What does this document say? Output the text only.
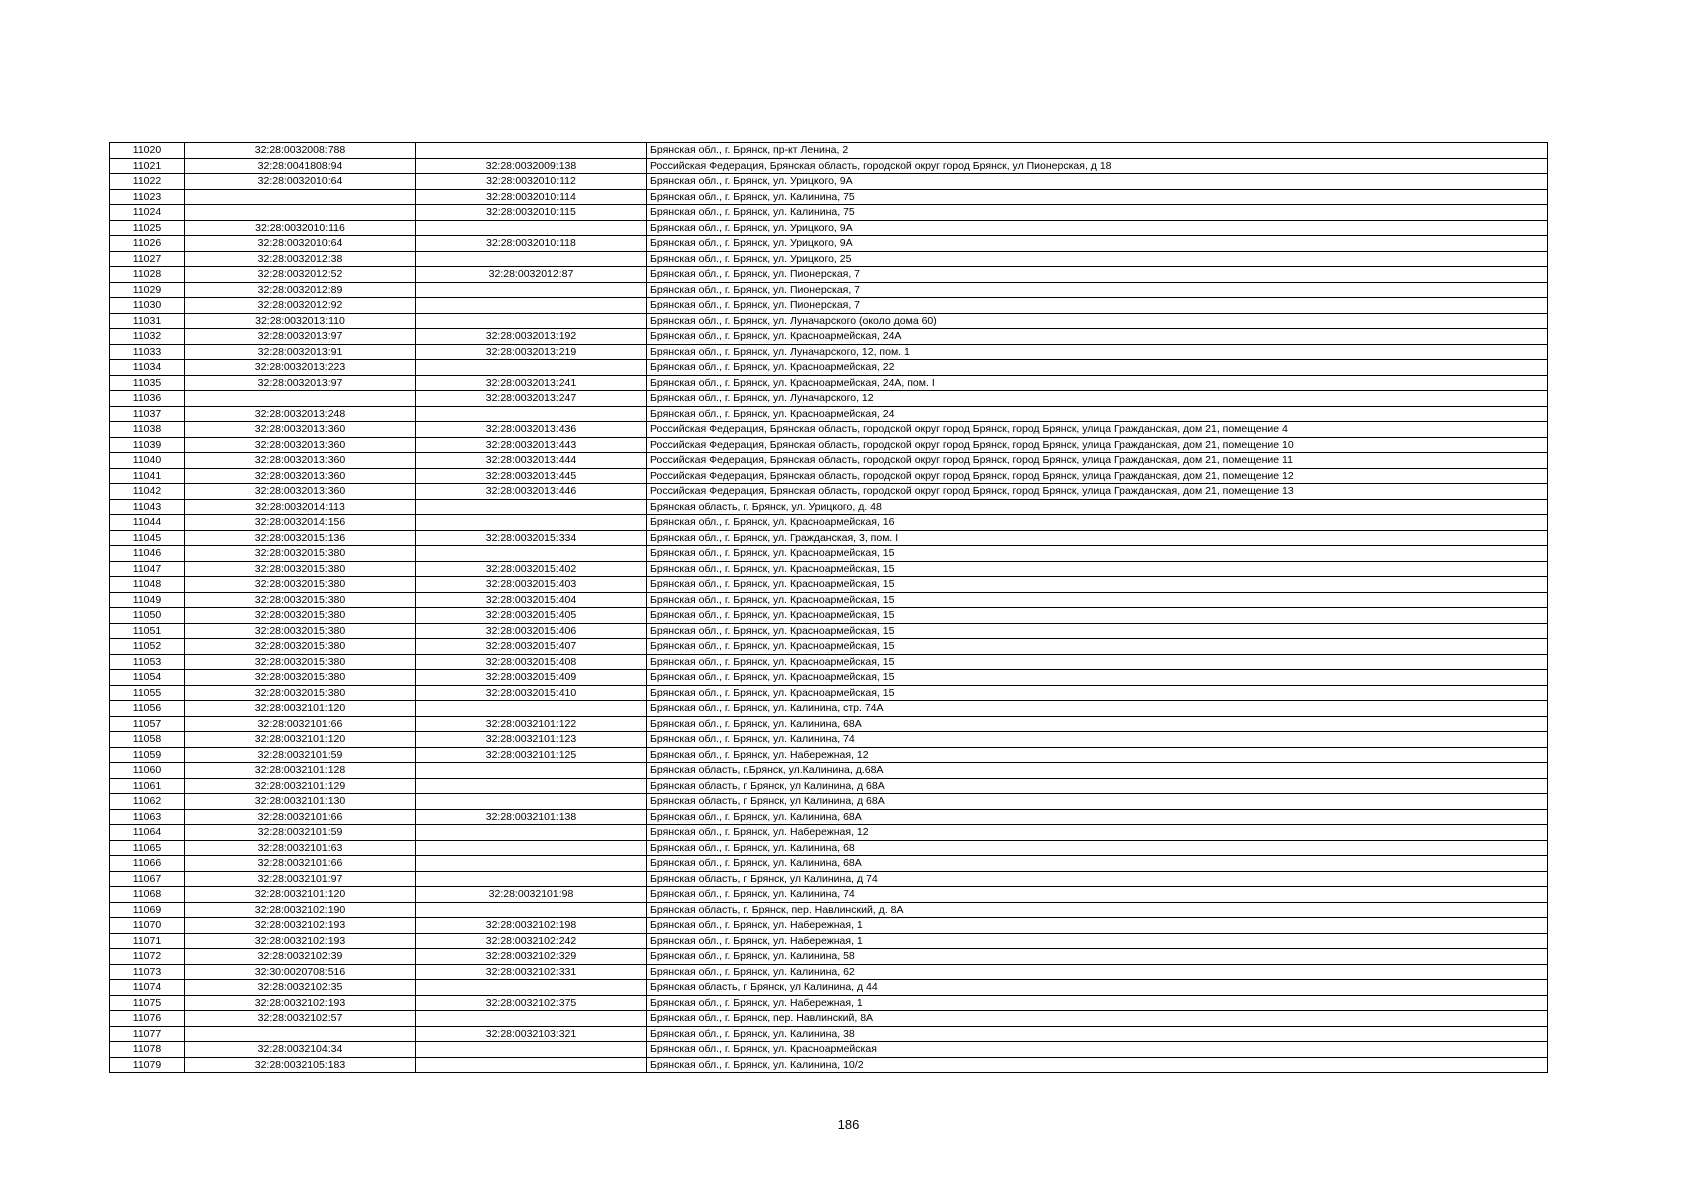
11020	32:28:0032008:788		Брянская обл., г. Брянск, пр-кт Ленина, 2
11021	32:28:0041808:94	32:28:0032009:138	Российская Федерация, Брянская область, городской округ город Брянск, ул Пионерская, д 18
11022	32:28:0032010:64	32:28:0032010:112	Брянская обл., г. Брянск, ул. Урицкого, 9А
11023		32:28:0032010:114	Брянская обл., г. Брянск, ул. Калинина, 75
11024		32:28:0032010:115	Брянская обл., г. Брянск, ул. Калинина, 75
11025	32:28:0032010:116		Брянская обл., г. Брянск, ул. Урицкого, 9А
11026	32:28:0032010:64	32:28:0032010:118	Брянская обл., г. Брянск, ул. Урицкого, 9А
11027	32:28:0032012:38		Брянская обл., г. Брянск, ул. Урицкого, 25
11028	32:28:0032012:52	32:28:0032012:87	Брянская обл., г. Брянск, ул. Пионерская, 7
11029	32:28:0032012:89		Брянская обл., г. Брянск, ул. Пионерская, 7
11030	32:28:0032012:92		Брянская обл., г. Брянск, ул. Пионерская, 7
11031	32:28:0032013:110		Брянская обл., г. Брянск, ул. Луначарского (около дома 60)
11032	32:28:0032013:97	32:28:0032013:192	Брянская обл., г. Брянск, ул. Красноармейская, 24А
11033	32:28:0032013:91	32:28:0032013:219	Брянская обл., г. Брянск, ул. Луначарского, 12, пом. 1
11034	32:28:0032013:223		Брянская обл., г. Брянск, ул. Красноармейская, 22
11035	32:28:0032013:97	32:28:0032013:241	Брянская обл., г. Брянск, ул. Красноармейская, 24А, пом. I
11036		32:28:0032013:247	Брянская обл., г. Брянск, ул. Луначарского, 12
11037	32:28:0032013:248		Брянская обл., г. Брянск, ул. Красноармейская, 24
11038	32:28:0032013:360	32:28:0032013:436	Российская Федерация, Брянская область, городской округ город Брянск, город Брянск, улица Гражданская, дом 21, помещение 4
11039	32:28:0032013:360	32:28:0032013:443	Российская Федерация, Брянская область, городской округ город Брянск, город Брянск, улица Гражданская, дом 21, помещение 10
11040	32:28:0032013:360	32:28:0032013:444	Российская Федерация, Брянская область, городской округ город Брянск, город Брянск, улица Гражданская, дом 21, помещение 11
11041	32:28:0032013:360	32:28:0032013:445	Российская Федерация, Брянская область, городской округ город Брянск, город Брянск, улица Гражданская, дом 21, помещение 12
11042	32:28:0032013:360	32:28:0032013:446	Российская Федерация, Брянская область, городской округ город Брянск, город Брянск, улица Гражданская, дом 21, помещение 13
11043	32:28:0032014:113		Брянская область, г. Брянск, ул. Урицкого, д. 48
11044	32:28:0032014:156		Брянская обл., г. Брянск, ул. Красноармейская, 16
11045	32:28:0032015:136	32:28:0032015:334	Брянская обл., г. Брянск, ул. Гражданская, 3, пом. I
11046	32:28:0032015:380		Брянская обл., г. Брянск, ул. Красноармейская, 15
11047	32:28:0032015:380	32:28:0032015:402	Брянская обл., г. Брянск, ул. Красноармейская, 15
11048	32:28:0032015:380	32:28:0032015:403	Брянская обл., г. Брянск, ул. Красноармейская, 15
11049	32:28:0032015:380	32:28:0032015:404	Брянская обл., г. Брянск, ул. Красноармейская, 15
11050	32:28:0032015:380	32:28:0032015:405	Брянская обл., г. Брянск, ул. Красноармейская, 15
11051	32:28:0032015:380	32:28:0032015:406	Брянская обл., г. Брянск, ул. Красноармейская, 15
11052	32:28:0032015:380	32:28:0032015:407	Брянская обл., г. Брянск, ул. Красноармейская, 15
11053	32:28:0032015:380	32:28:0032015:408	Брянская обл., г. Брянск, ул. Красноармейская, 15
11054	32:28:0032015:380	32:28:0032015:409	Брянская обл., г. Брянск, ул. Красноармейская, 15
11055	32:28:0032015:380	32:28:0032015:410	Брянская обл., г. Брянск, ул. Красноармейская, 15
11056	32:28:0032101:120		Брянская обл., г. Брянск, ул. Калинина, стр. 74А
11057	32:28:0032101:66	32:28:0032101:122	Брянская обл., г. Брянск, ул. Калинина, 68А
11058	32:28:0032101:120	32:28:0032101:123	Брянская обл., г. Брянск, ул. Калинина, 74
11059	32:28:0032101:59	32:28:0032101:125	Брянская обл., г. Брянск, ул. Набережная, 12
11060	32:28:0032101:128		Брянская область, г.Брянск, ул.Калинина, д.68А
11061	32:28:0032101:129		Брянская область, г Брянск, ул Калинина, д 68А
11062	32:28:0032101:130		Брянская область, г Брянск, ул Калинина, д 68А
11063	32:28:0032101:66	32:28:0032101:138	Брянская обл., г. Брянск, ул. Калинина, 68А
11064	32:28:0032101:59		Брянская обл., г. Брянск, ул. Набережная, 12
11065	32:28:0032101:63		Брянская обл., г. Брянск, ул. Калинина, 68
11066	32:28:0032101:66		Брянская обл., г. Брянск, ул. Калинина, 68А
11067	32:28:0032101:97		Брянская область, г Брянск, ул Калинина, д 74
11068	32:28:0032101:120	32:28:0032101:98	Брянская обл., г. Брянск, ул. Калинина, 74
11069	32:28:0032102:190		Брянская область, г. Брянск, пер. Навлинский, д. 8А
11070	32:28:0032102:193	32:28:0032102:198	Брянская обл., г. Брянск, ул. Набережная, 1
11071	32:28:0032102:193	32:28:0032102:242	Брянская обл., г. Брянск, ул. Набережная, 1
11072	32:28:0032102:39	32:28:0032102:329	Брянская обл., г. Брянск, ул. Калинина, 58
11073	32:30:0020708:516	32:28:0032102:331	Брянская обл., г. Брянск, ул. Калинина, 62
11074	32:28:0032102:35		Брянская область, г Брянск, ул Калинина, д 44
11075	32:28:0032102:193	32:28:0032102:375	Брянская обл., г. Брянск, ул. Набережная, 1
11076	32:28:0032102:57		Брянская обл., г. Брянск, пер. Навлинский, 8А
11077		32:28:0032103:321	Брянская обл., г. Брянск, ул. Калинина, 38
11078	32:28:0032104:34		Брянская обл., г. Брянск, ул. Красноармейская
11079	32:28:0032105:183		Брянская обл., г. Брянск, ул. Калинина, 10/2
186
